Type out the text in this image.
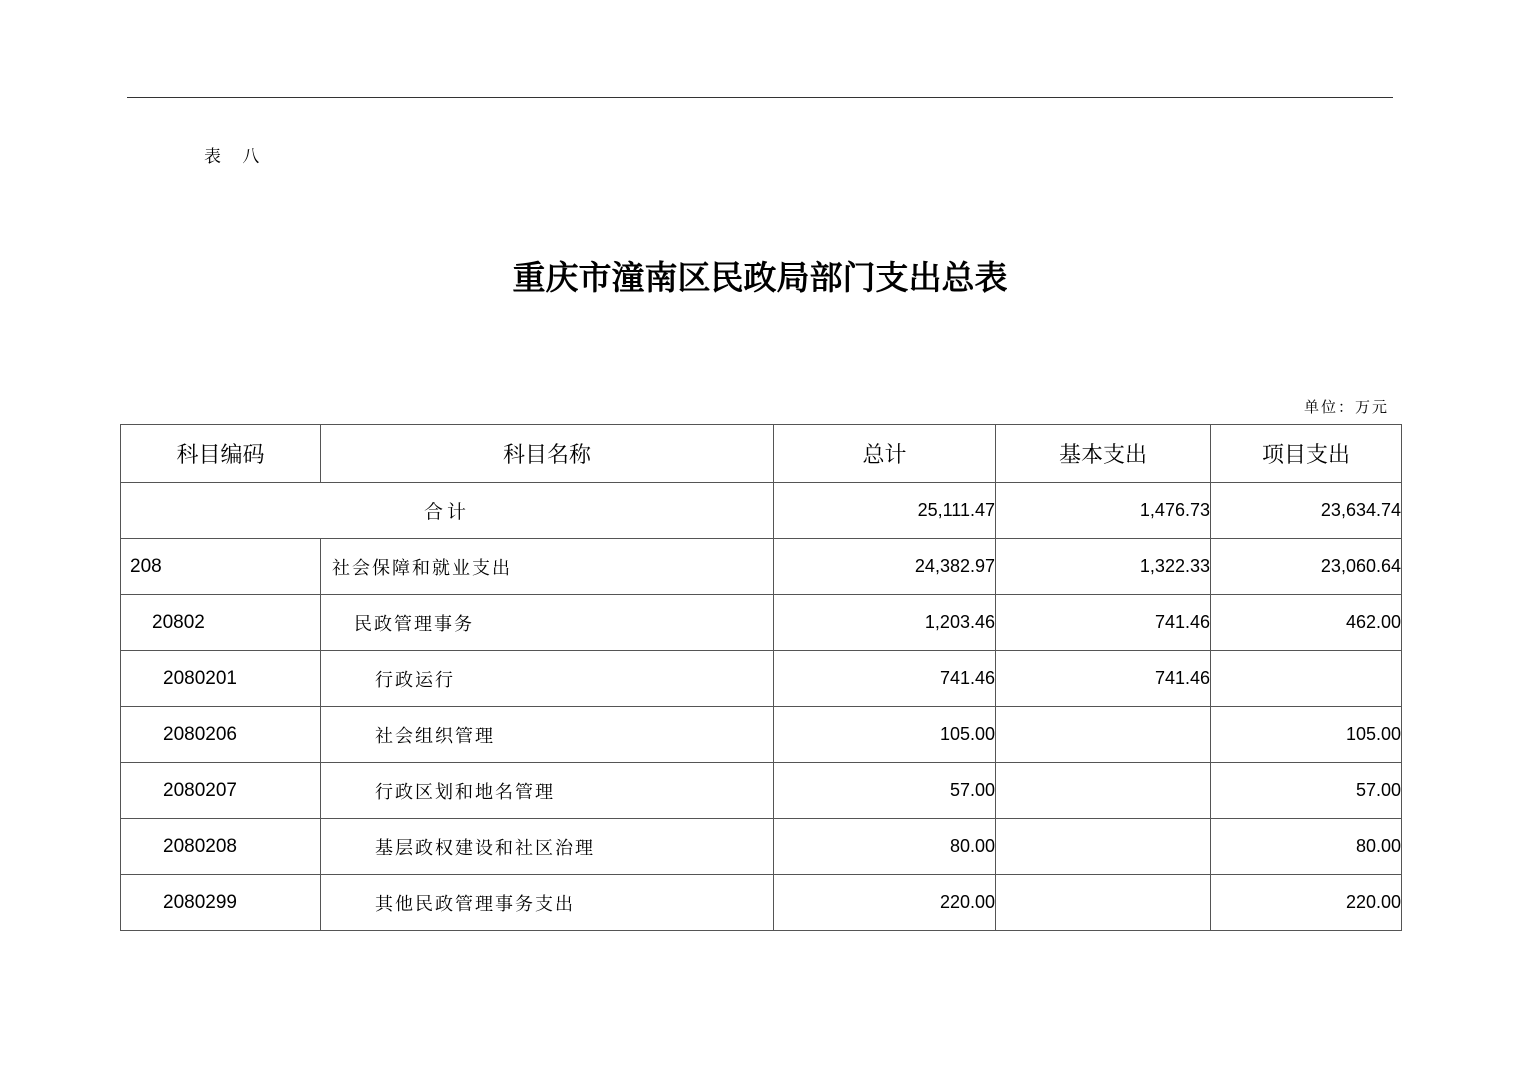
表 八
重庆市潼南区民政局部门支出总表
单位：万元
科目编码	科目名称	总计	基本支出	项目支出
合计		25,111.47	1,476.73	23,634.74
208	社会保障和就业支出	24,382.97	1,322.33	23,060.64
20802	民政管理事务	1,203.46	741.46	462.00
2080201	行政运行	741.46	741.46	
2080206	社会组织管理	105.00		105.00
2080207	行政区划和地名管理	57.00		57.00
2080208	基层政权建设和社区治理	80.00		80.00
2080299	其他民政管理事务支出	220.00		220.00
